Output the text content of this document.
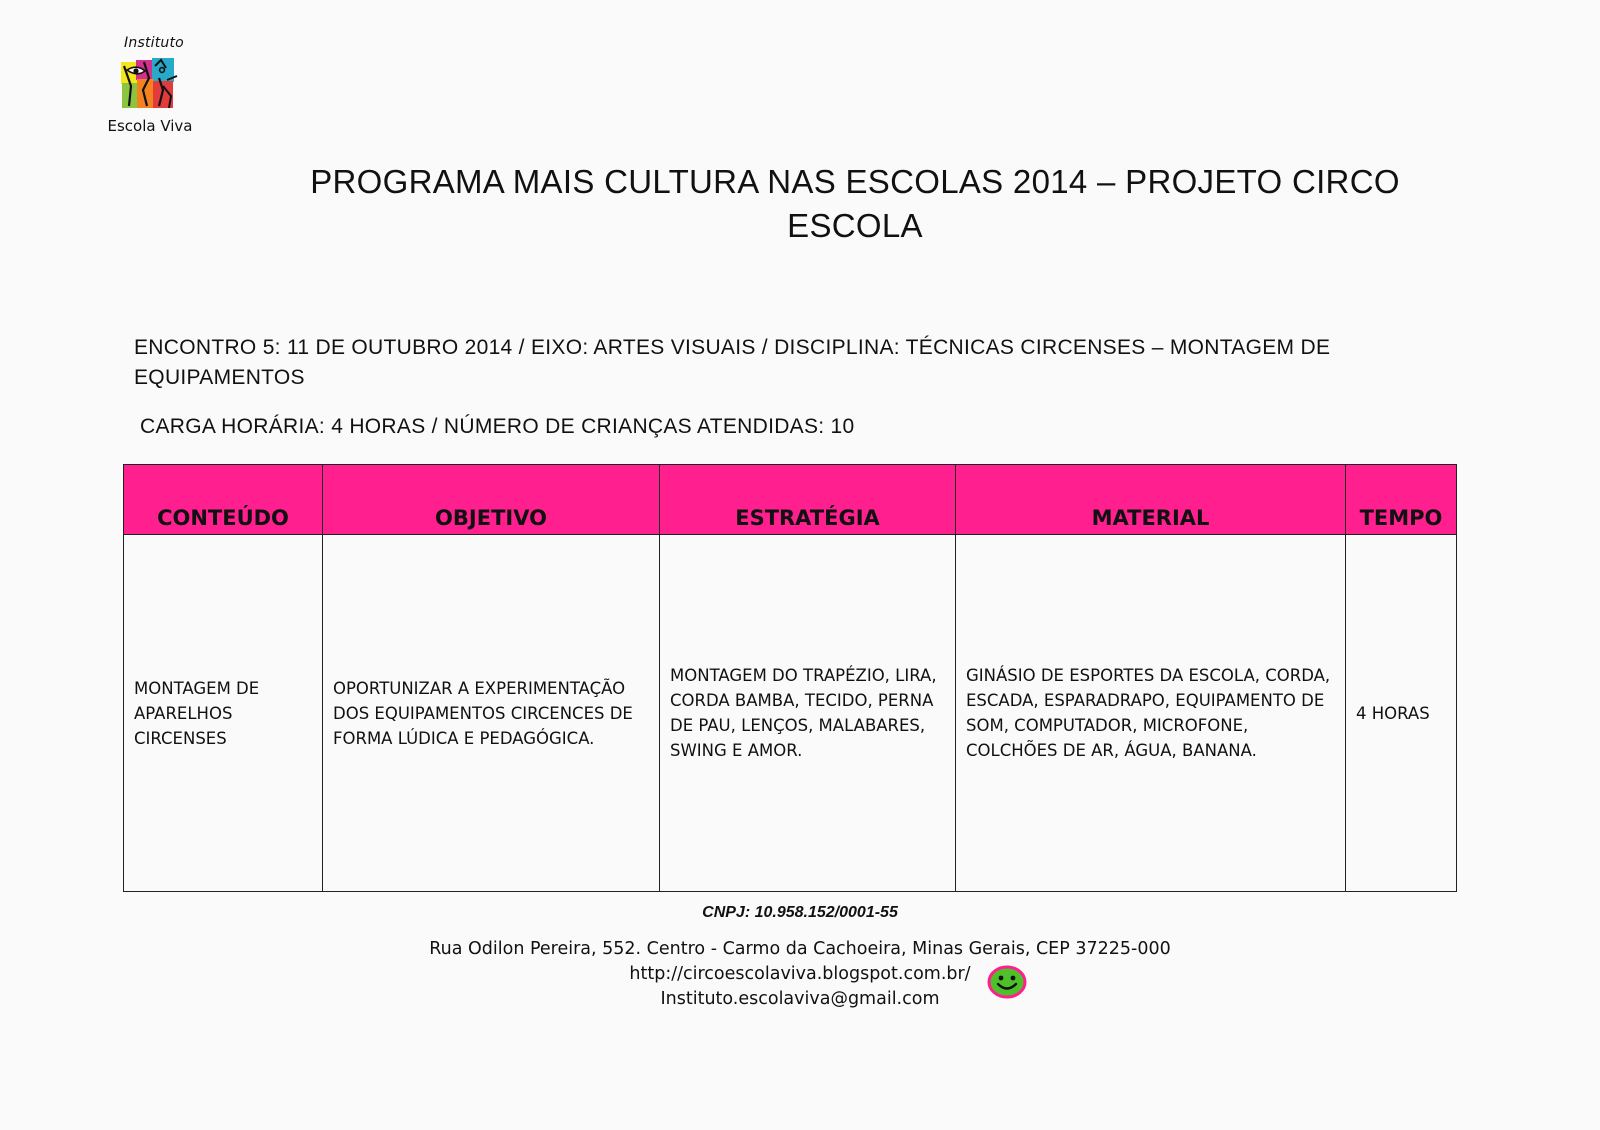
Instituto
Escola Viva
PROGRAMA MAIS CULTURA NAS ESCOLAS 2014 – PROJETO CIRCO ESCOLA
ENCONTRO 5: 11 DE OUTUBRO 2014 / EIXO: ARTES VISUAIS / DISCIPLINA: TÉCNICAS CIRCENSES – MONTAGEM DE EQUIPAMENTOS
CARGA HORÁRIA: 4 HORAS / NÚMERO DE CRIANÇAS ATENDIDAS: 10
CONTEÚDO	OBJETIVO	ESTRATÉGIA	MATERIAL	TEMPO
MONTAGEM DE APARELHOS CIRCENSES	OPORTUNIZAR A EXPERIMENTAÇÃO DOS EQUIPAMENTOS CIRCENCES DE FORMA LÚDICA E PEDAGÓGICA.	MONTAGEM DO TRAPÉZIO, LIRA, CORDA BAMBA, TECIDO, PERNA DE PAU, LENÇOS, MALABARES, SWING E AMOR.	GINÁSIO DE ESPORTES DA ESCOLA, CORDA, ESCADA, ESPARADRAPO, EQUIPAMENTO DE SOM, COMPUTADOR, MICROFONE, COLCHÕES DE AR, ÁGUA, BANANA.	4 HORAS
CNPJ: 10.958.152/0001-55
Rua Odilon Pereira, 552. Centro - Carmo da Cachoeira, Minas Gerais, CEP 37225-000
http://circoescolaviva.blogspot.com.br/
Instituto.escolaviva@gmail.com
